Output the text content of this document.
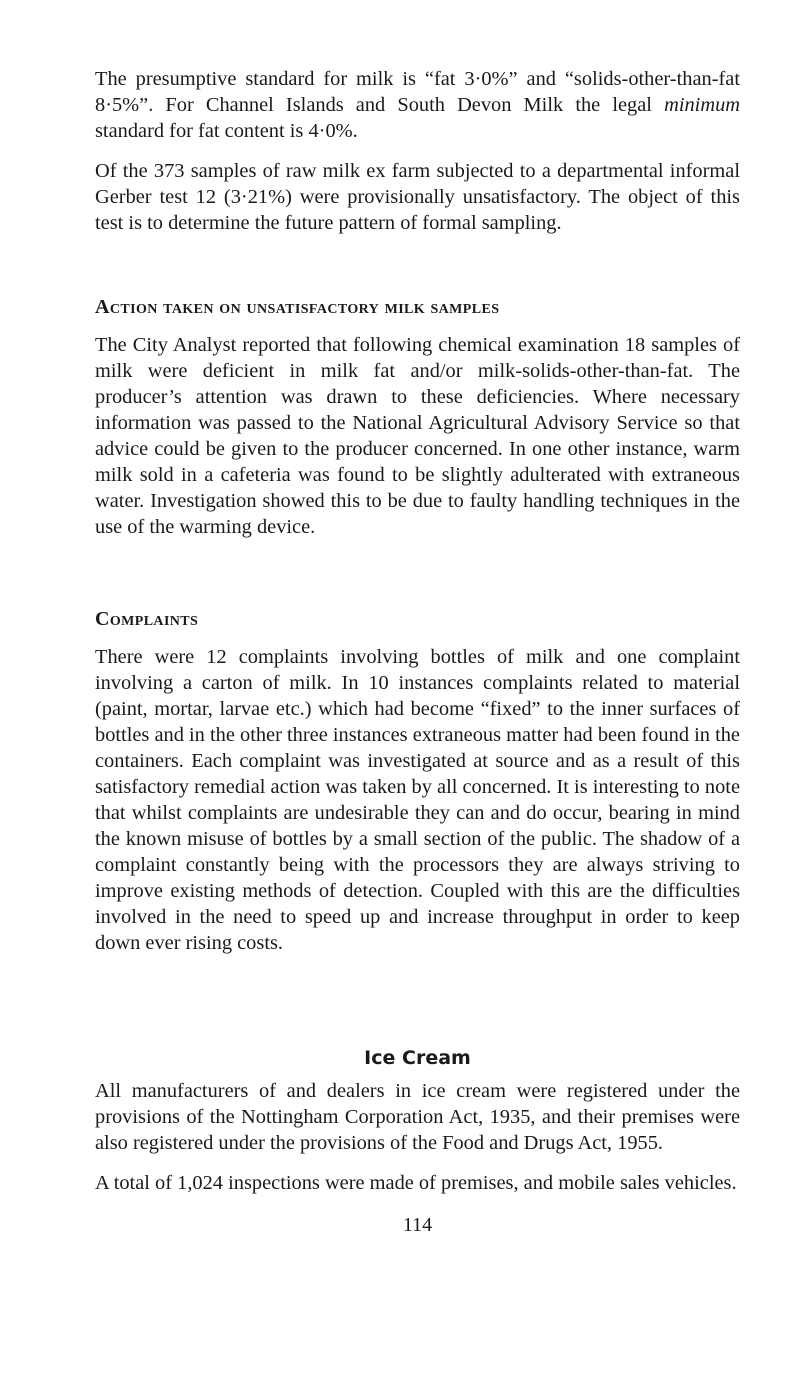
The presumptive standard for milk is “fat 3·0%” and “solids-other-than-fat 8·5%”. For Channel Islands and South Devon Milk the legal minimum standard for fat content is 4·0%.

Of the 373 samples of raw milk ex farm subjected to a departmental informal Gerber test 12 (3·21%) were provisionally unsatisfactory. The object of this test is to determine the future pattern of formal sampling.

Action taken on unsatisfactory milk samples

The City Analyst reported that following chemical examination 18 samples of milk were deficient in milk fat and/or milk-solids-other-than-fat. The producer’s attention was drawn to these deficiencies. Where necessary information was passed to the National Agricultural Advisory Service so that advice could be given to the producer concerned. In one other instance, warm milk sold in a cafeteria was found to be slightly adulterated with extraneous water. Investigation showed this to be due to faulty handling techniques in the use of the warming device.

Complaints

There were 12 complaints involving bottles of milk and one complaint involving a carton of milk. In 10 instances complaints related to material (paint, mortar, larvae etc.) which had become “fixed” to the inner surfaces of bottles and in the other three instances extraneous matter had been found in the containers. Each complaint was investigated at source and as a result of this satisfactory remedial action was taken by all concerned. It is interesting to note that whilst complaints are undesirable they can and do occur, bearing in mind the known misuse of bottles by a small section of the public. The shadow of a complaint constantly being with the processors they are always striving to improve existing methods of detection. Coupled with this are the difficulties involved in the need to speed up and increase throughput in order to keep down ever rising costs.

Ice Cream

All manufacturers of and dealers in ice cream were registered under the provisions of the Nottingham Corporation Act, 1935, and their premises were also registered under the provisions of the Food and Drugs Act, 1955.

A total of 1,024 inspections were made of premises, and mobile sales vehicles.

114
